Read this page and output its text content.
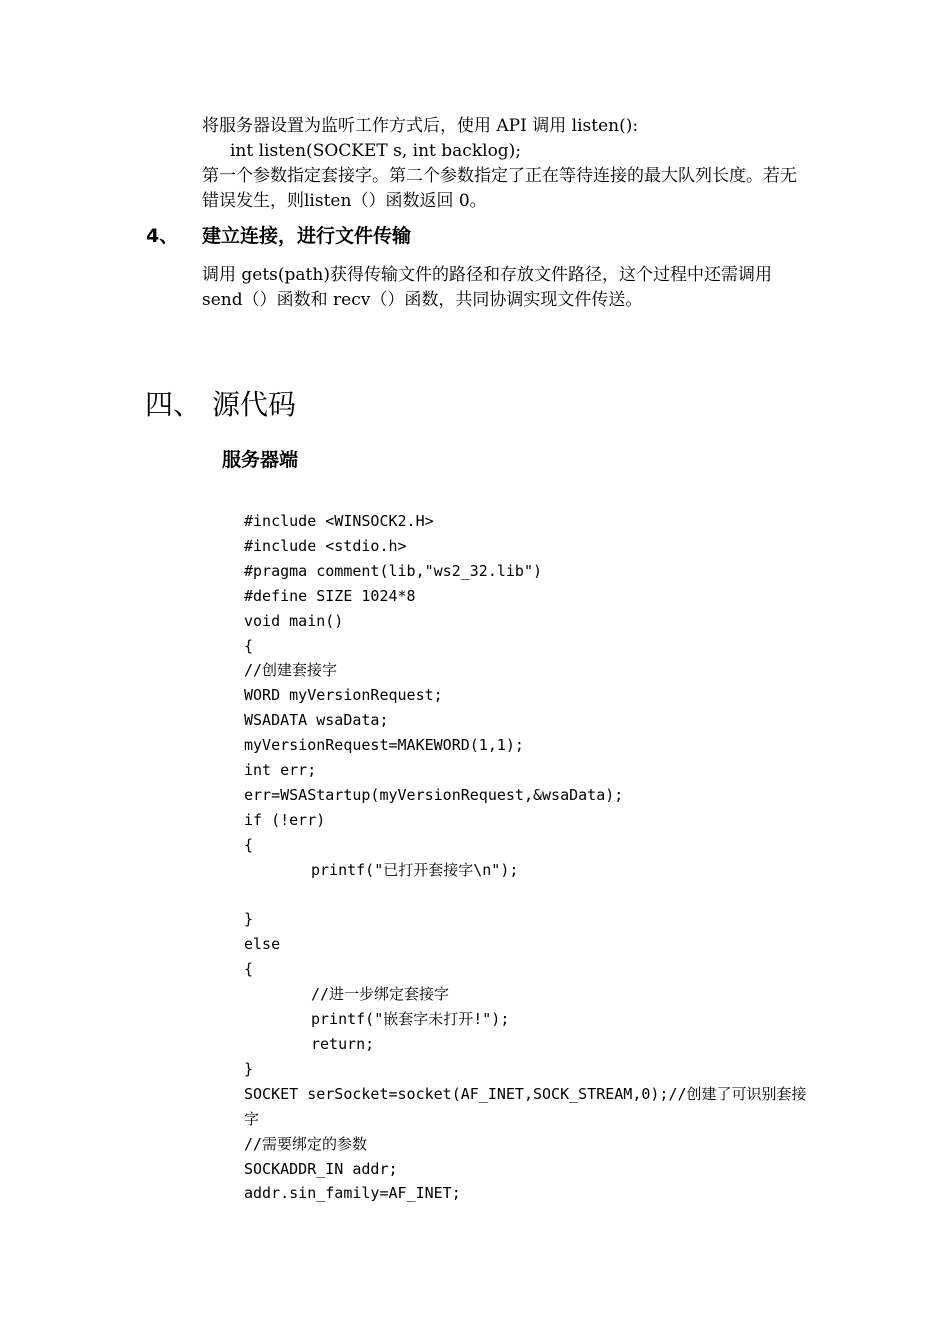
将服务器设置为监听工作方式后，使用 API 调用 listen():

int listen(SOCKET s, int backlog);

第一个参数指定套接字。第二个参数指定了正在等待连接的最大队列长度。若无错误发生，则listen（）函数返回 0。

4、 建立连接，进行文件传输

调用 gets(path)获得传输文件的路径和存放文件路径，这个过程中还需调用 send（）函数和 recv（）函数，共同协调实现文件传送。

四、 源代码
服务器端
#include <WINSOCK2.H>
#include <stdio.h>
#pragma comment(lib,"ws2_32.lib")
#define SIZE 1024*8
void main()
{
//创建套接字
WORD myVersionRequest;
WSADATA wsaData;
myVersionRequest=MAKEWORD(1,1);
int err;
err=WSAStartup(myVersionRequest,&wsaData);
if (!err)
{
printf("已打开套接字\n");
}
else
{
//进一步绑定套接字
printf("嵌套字未打开!");
return;
}
SOCKET serSocket=socket(AF_INET,SOCK_STREAM,0);//创建了可识别套接字
//需要绑定的参数
SOCKADDR_IN addr;
addr.sin_family=AF_INET;
